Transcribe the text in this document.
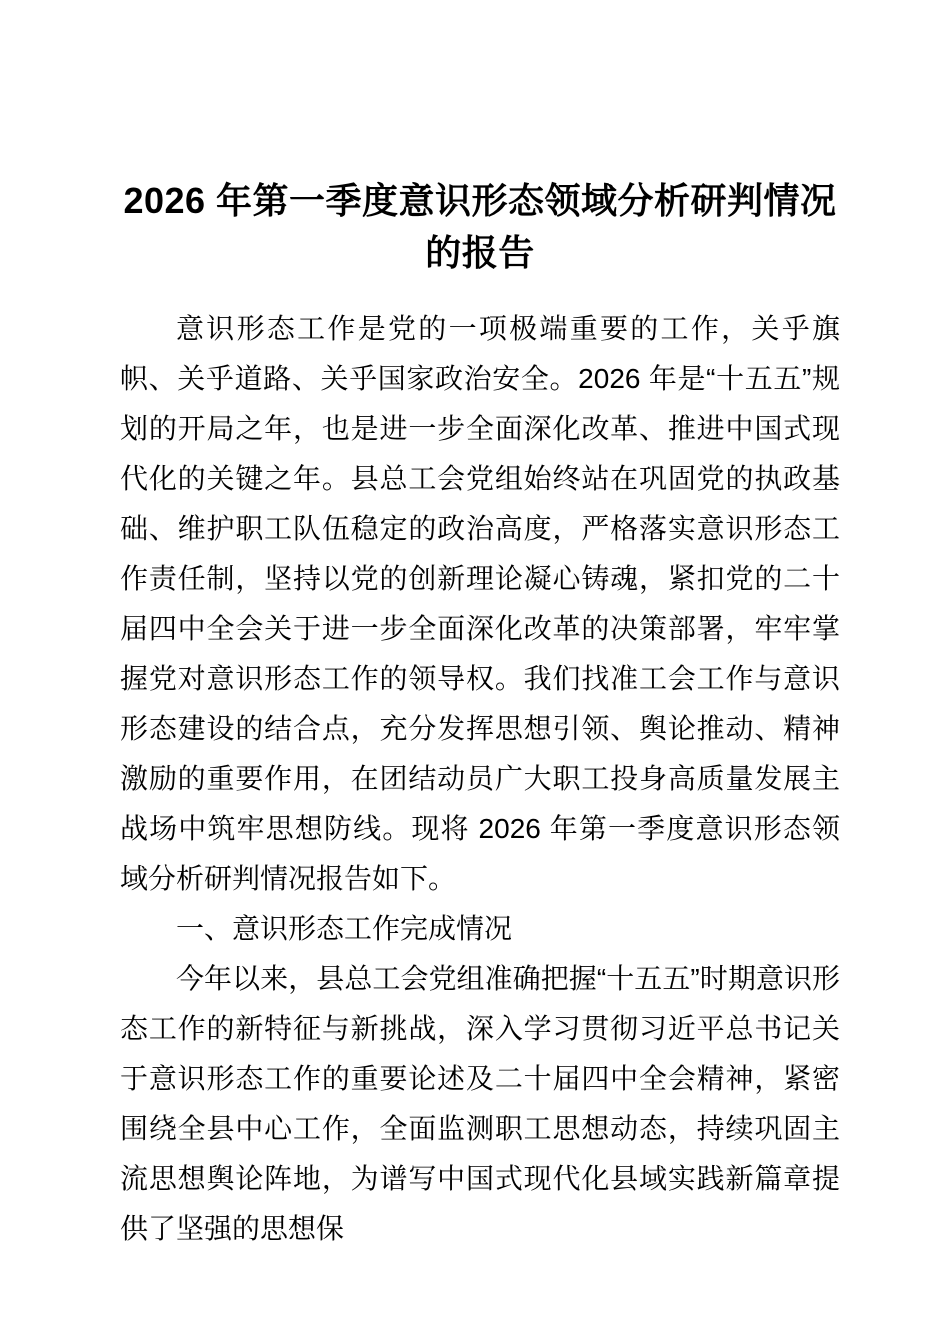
2026 年第一季度意识形态领域分析研判情况
的报告

意识形态工作是党的一项极端重要的工作，关乎旗帜、关乎道路、关乎国家政治安全。2026 年是“十五五”规划的开局之年，也是进一步全面深化改革、推进中国式现代化的关键之年。县总工会党组始终站在巩固党的执政基础、维护职工队伍稳定的政治高度，严格落实意识形态工作责任制，坚持以党的创新理论凝心铸魂，紧扣党的二十届四中全会关于进一步全面深化改革的决策部署，牢牢掌握党对意识形态工作的领导权。我们找准工会工作与意识形态建设的结合点，充分发挥思想引领、舆论推动、精神激励的重要作用，在团结动员广大职工投身高质量发展主战场中筑牢思想防线。现将 2026 年第一季度意识形态领域分析研判情况报告如下。

一、意识形态工作完成情况

今年以来，县总工会党组准确把握“十五五”时期意识形态工作的新特征与新挑战，深入学习贯彻习近平总书记关于意识形态工作的重要论述及二十届四中全会精神，紧密围绕全县中心工作，全面监测职工思想动态，持续巩固主流思想舆论阵地，为谱写中国式现代化县域实践新篇章提供了坚强的思想保
